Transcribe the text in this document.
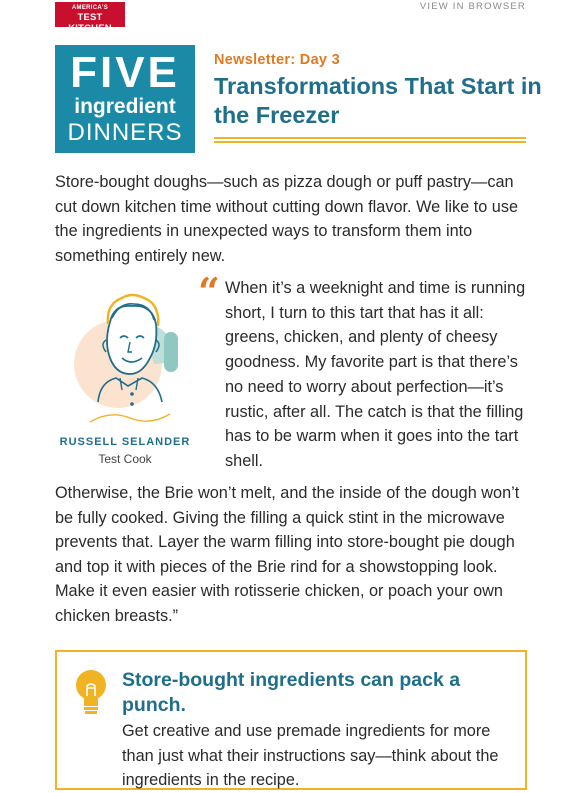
AMERICA'S
TEST KITCHEN
VIEW IN BROWSER
FIVE
ingredient
DINNERS
Newsletter: Day 3
Transformations That Start in the Freezer
Store-bought doughs—such as pizza dough or puff pastry—can cut down kitchen time without cutting down flavor. We like to use the ingredients in unexpected ways to transform them into something entirely new.
RUSSELL SELANDER
Test Cook
“ When it’s a weeknight and time is running short, I turn to this tart that has it all: greens, chicken, and plenty of cheesy goodness. My favorite part is that there’s no need to worry about perfection—it’s rustic, after all. The catch is that the filling has to be warm when it goes into the tart shell.
Otherwise, the Brie won’t melt, and the inside of the dough won’t be fully cooked. Giving the filling a quick stint in the microwave prevents that. Layer the warm filling into store-bought pie dough and top it with pieces of the Brie rind for a showstopping look. Make it even easier with rotisserie chicken, or poach your own chicken breasts.”
Store-bought ingredients can pack a punch.
Get creative and use premade ingredients for more than just what their instructions say—think about the ingredients in the recipe.
